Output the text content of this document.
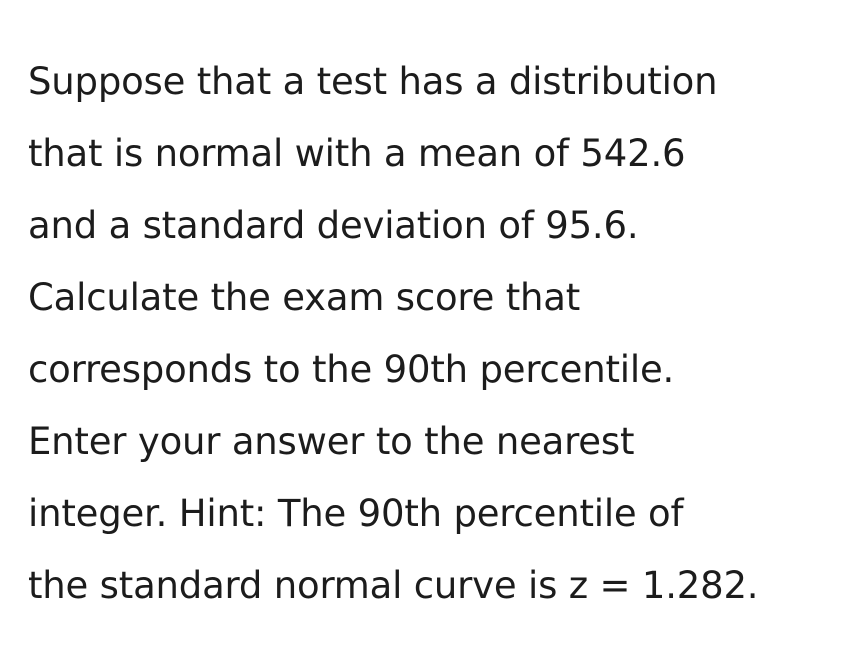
Suppose that a test has a distribution
that is normal with a mean of 542.6
and a standard deviation of 95.6.
Calculate the exam score that
corresponds to the 90th percentile.
Enter your answer to the nearest
integer. Hint: The 90th percentile of
the standard normal curve is z = 1.282.
